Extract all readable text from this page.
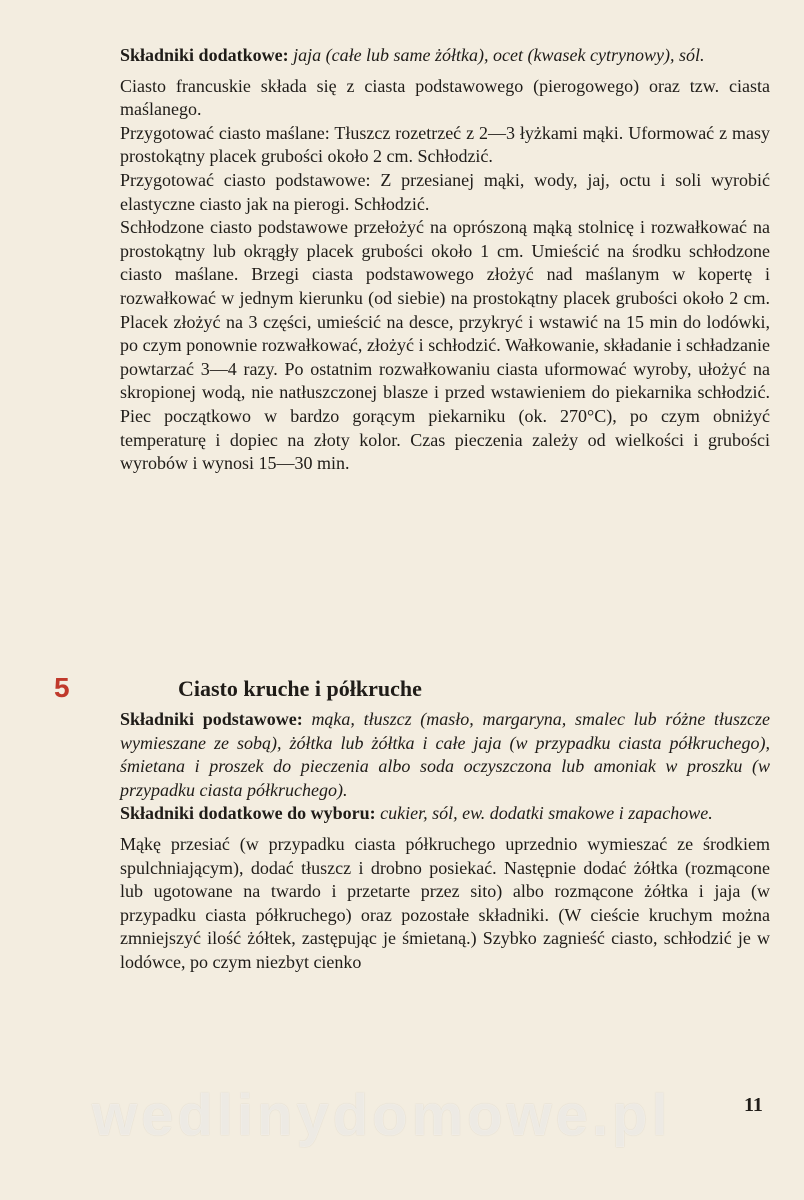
Składniki dodatkowe: jaja (całe lub same żółtka), ocet (kwasek cytrynowy), sól.

Ciasto francuskie składa się z ciasta podstawowego (pierogowego) oraz tzw. ciasta maślanego.

Przygotować ciasto maślane: Tłuszcz rozetrzeć z 2—3 łyżkami mąki. Uformować z masy prostokątny placek grubości około 2 cm. Schłodzić.

Przygotować ciasto podstawowe: Z przesianej mąki, wody, jaj, octu i soli wyrobić elastyczne ciasto jak na pierogi. Schłodzić.

Schłodzone ciasto podstawowe przełożyć na oprószoną mąką stolnicę i rozwałkować na prostokątny lub okrągły placek grubości około 1 cm. Umieścić na środku schłodzone ciasto maślane. Brzegi ciasta podstawowego złożyć nad maślanym w kopertę i rozwałkować w jednym kierunku (od siebie) na prostokątny placek grubości około 2 cm. Placek złożyć na 3 części, umieścić na desce, przykryć i wstawić na 15 min do lodówki, po czym ponownie rozwałkować, złożyć i schłodzić. Wałkowanie, składanie i schładzanie powtarzać 3—4 razy. Po ostatnim rozwałkowaniu ciasta uformować wyroby, ułożyć na skropionej wodą, nie natłuszczonej blasze i przed wstawieniem do piekarnika schłodzić. Piec początkowo w bardzo gorącym piekarniku (ok. 270°C), po czym obniżyć temperaturę i dopiec na złoty kolor. Czas pieczenia zależy od wielkości i grubości wyrobów i wynosi 15—30 min.

5	Ciasto kruche i półkruche

Składniki podstawowe: mąka, tłuszcz (masło, margaryna, smalec lub różne tłuszcze wymieszane ze sobą), żółtka lub żółtka i całe jaja (w przypadku ciasta półkruchego), śmietana i proszek do pieczenia albo soda oczyszczona lub amoniak w proszku (w przypadku ciasta półkruchego).

Składniki dodatkowe do wyboru: cukier, sól, ew. dodatki smakowe i zapachowe.

Mąkę przesiać (w przypadku ciasta półkruchego uprzednio wymieszać ze środkiem spulchniającym), dodać tłuszcz i drobno posiekać. Następnie dodać żółtka (rozmącone lub ugotowane na twardo i przetarte przez sito) albo rozmącone żółtka i jaja (w przypadku ciasta półkruchego) oraz pozostałe składniki. (W cieście kruchym można zmniejszyć ilość żółtek, zastępując je śmietaną.) Szybko zagnieść ciasto, schłodzić je w lodówce, po czym niezbyt cienko

wedlinydomowe.pl	11
